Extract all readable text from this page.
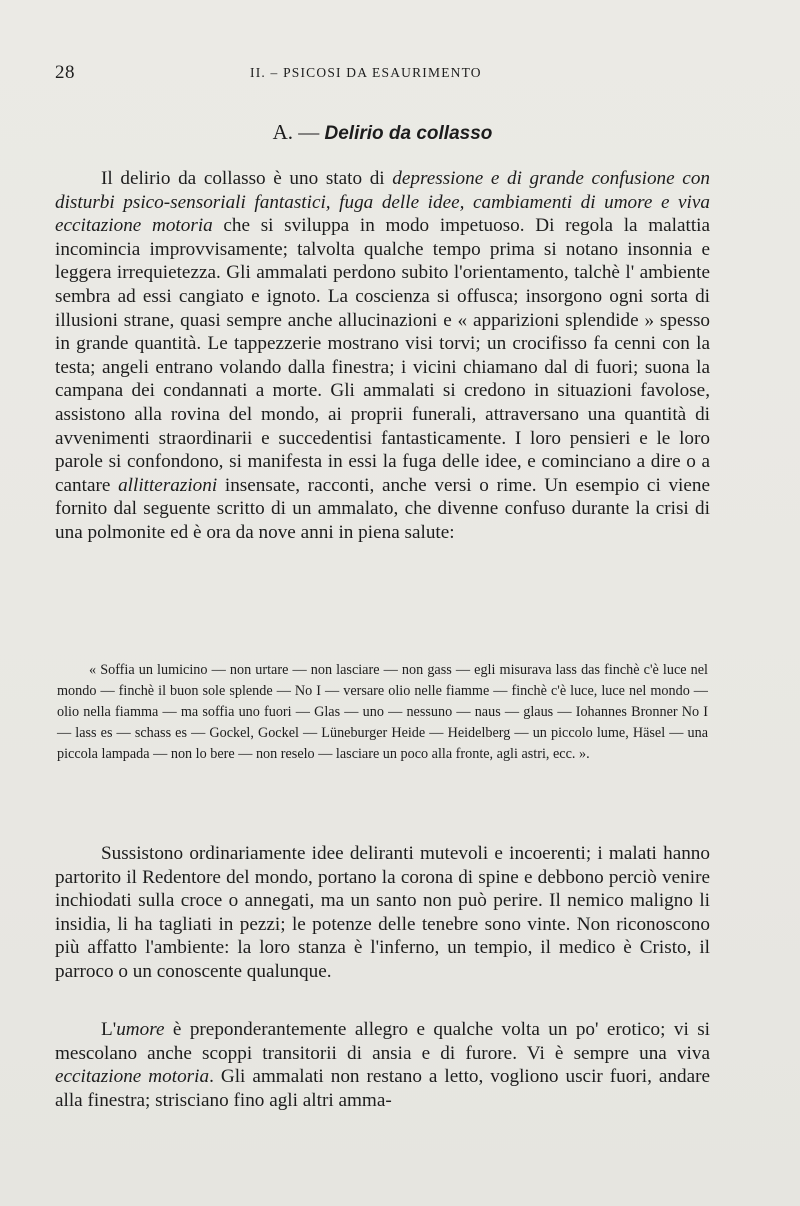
28	II. – PSICOSI DA ESAURIMENTO
A. — Delirio da collasso

Il delirio da collasso è uno stato di depressione e di grande confusione con disturbi psico-sensoriali fantastici, fuga delle idee, cambiamenti di umore e viva eccitazione motoria che si sviluppa in modo impetuoso. Di regola la malattia incomincia improvvisamente; talvolta qualche tempo prima si notano insonnia e leggera irrequietezza. Gli ammalati perdono subito l'orientamento, talchè l' ambiente sembra ad essi cangiato e ignoto. La coscienza si offusca; insorgono ogni sorta di illusioni strane, quasi sempre anche allucinazioni e « apparizioni splendide » spesso in grande quantità. Le tappezzerie mostrano visi torvi; un crocifisso fa cenni con la testa; angeli entrano volando dalla finestra; i vicini chiamano dal di fuori; suona la campana dei condannati a morte. Gli ammalati si credono in situazioni favolose, assistono alla rovina del mondo, ai proprii funerali, attraversano una quantità di avvenimenti straordinarii e succedentisi fantasticamente. I loro pensieri e le loro parole si confondono, si manifesta in essi la fuga delle idee, e cominciano a dire o a cantare allitterazioni insensate, racconti, anche versi o rime. Un esempio ci viene fornito dal seguente scritto di un ammalato, che divenne confuso durante la crisi di una polmonite ed è ora da nove anni in piena salute:

« Soffia un lumicino — non urtare — non lasciare — non gass — egli misurava lass das finchè c'è luce nel mondo — finchè il buon sole splende — No I — versare olio nelle fiamme — finchè c'è luce, luce nel mondo — olio nella fiamma — ma soffia uno fuori — Glas — uno — nessuno — naus — glaus — Iohannes Bronner No I — lass es — schass es — Gockel, Gockel — Lüneburger Heide — Heidelberg — un piccolo lume, Häsel — una piccola lampada — non lo bere — non reselo — lasciare un poco alla fronte, agli astri, ecc. ».

Sussistono ordinariamente idee deliranti mutevoli e incoerenti; i malati hanno partorito il Redentore del mondo, portano la corona di spine e debbono perciò venire inchiodati sulla croce o annegati, ma un santo non può perire. Il nemico maligno li insidia, li ha tagliati in pezzi; le potenze delle tenebre sono vinte. Non riconoscono più affatto l'ambiente: la loro stanza è l'inferno, un tempio, il medico è Cristo, il parroco o un conoscente qualunque.

L'umore è preponderantemente allegro e qualche volta un po' erotico; vi si mescolano anche scoppi transitorii di ansia e di furore. Vi è sempre una viva eccitazione motoria. Gli ammalati non restano a letto, vogliono uscir fuori, andare alla finestra; strisciano fino agli altri amma-
